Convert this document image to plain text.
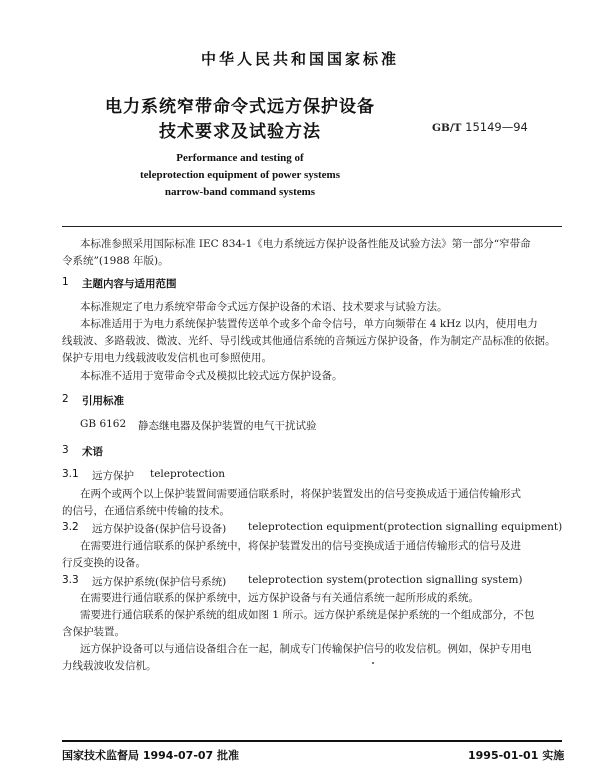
中华人民共和国国家标准
电力系统窄带命令式远方保护设备
技术要求及试验方法	GB/T 15149—94
Performance and testing of
teleprotection equipment of power systems
narrow-band command systems
本标准参照采用国际标准 IEC 834-1《电力系统远方保护设备性能及试验方法》第一部分“窄带命
令系统”(1988 年版)。
1 主题内容与适用范围
本标准规定了电力系统窄带命令式远方保护设备的术语、技术要求与试验方法。
本标准适用于为电力系统保护装置传送单个或多个命令信号，单方向频带在 4 kHz 以内，使用电力
线载波、多路载波、微波、光纤、导引线或其他通信系统的音频远方保护设备，作为制定产品标准的依据。
保护专用电力线载波收发信机也可参照使用。
本标准不适用于宽带命令式及模拟比较式远方保护设备。
2 引用标准
GB 6162 静态继电器及保护装置的电气干扰试验
3 术语
3.1 远方保护 teleprotection
在两个或两个以上保护装置间需要通信联系时，将保护装置发出的信号变换成适于通信传输形式
的信号，在通信系统中传输的技术。
3.2 远方保护设备(保护信号设备) teleprotection equipment(protection signalling equipment)
在需要进行通信联系的保护系统中，将保护装置发出的信号变换成适于通信传输形式的信号及进
行反变换的设备。
3.3 远方保护系统(保护信号系统) teleprotection system(protection signalling system)
在需要进行通信联系的保护系统中，远方保护设备与有关通信系统一起所形成的系统。
需要进行通信联系的保护系统的组成如图 1 所示。远方保护系统是保护系统的一个组成部分，不包
含保护装置。
远方保护设备可以与通信设备组合在一起，制成专门传输保护信号的收发信机。例如，保护专用电
力线载波收发信机。
国家技术监督局 1994-07-07 批准	1995-01-01 实施
